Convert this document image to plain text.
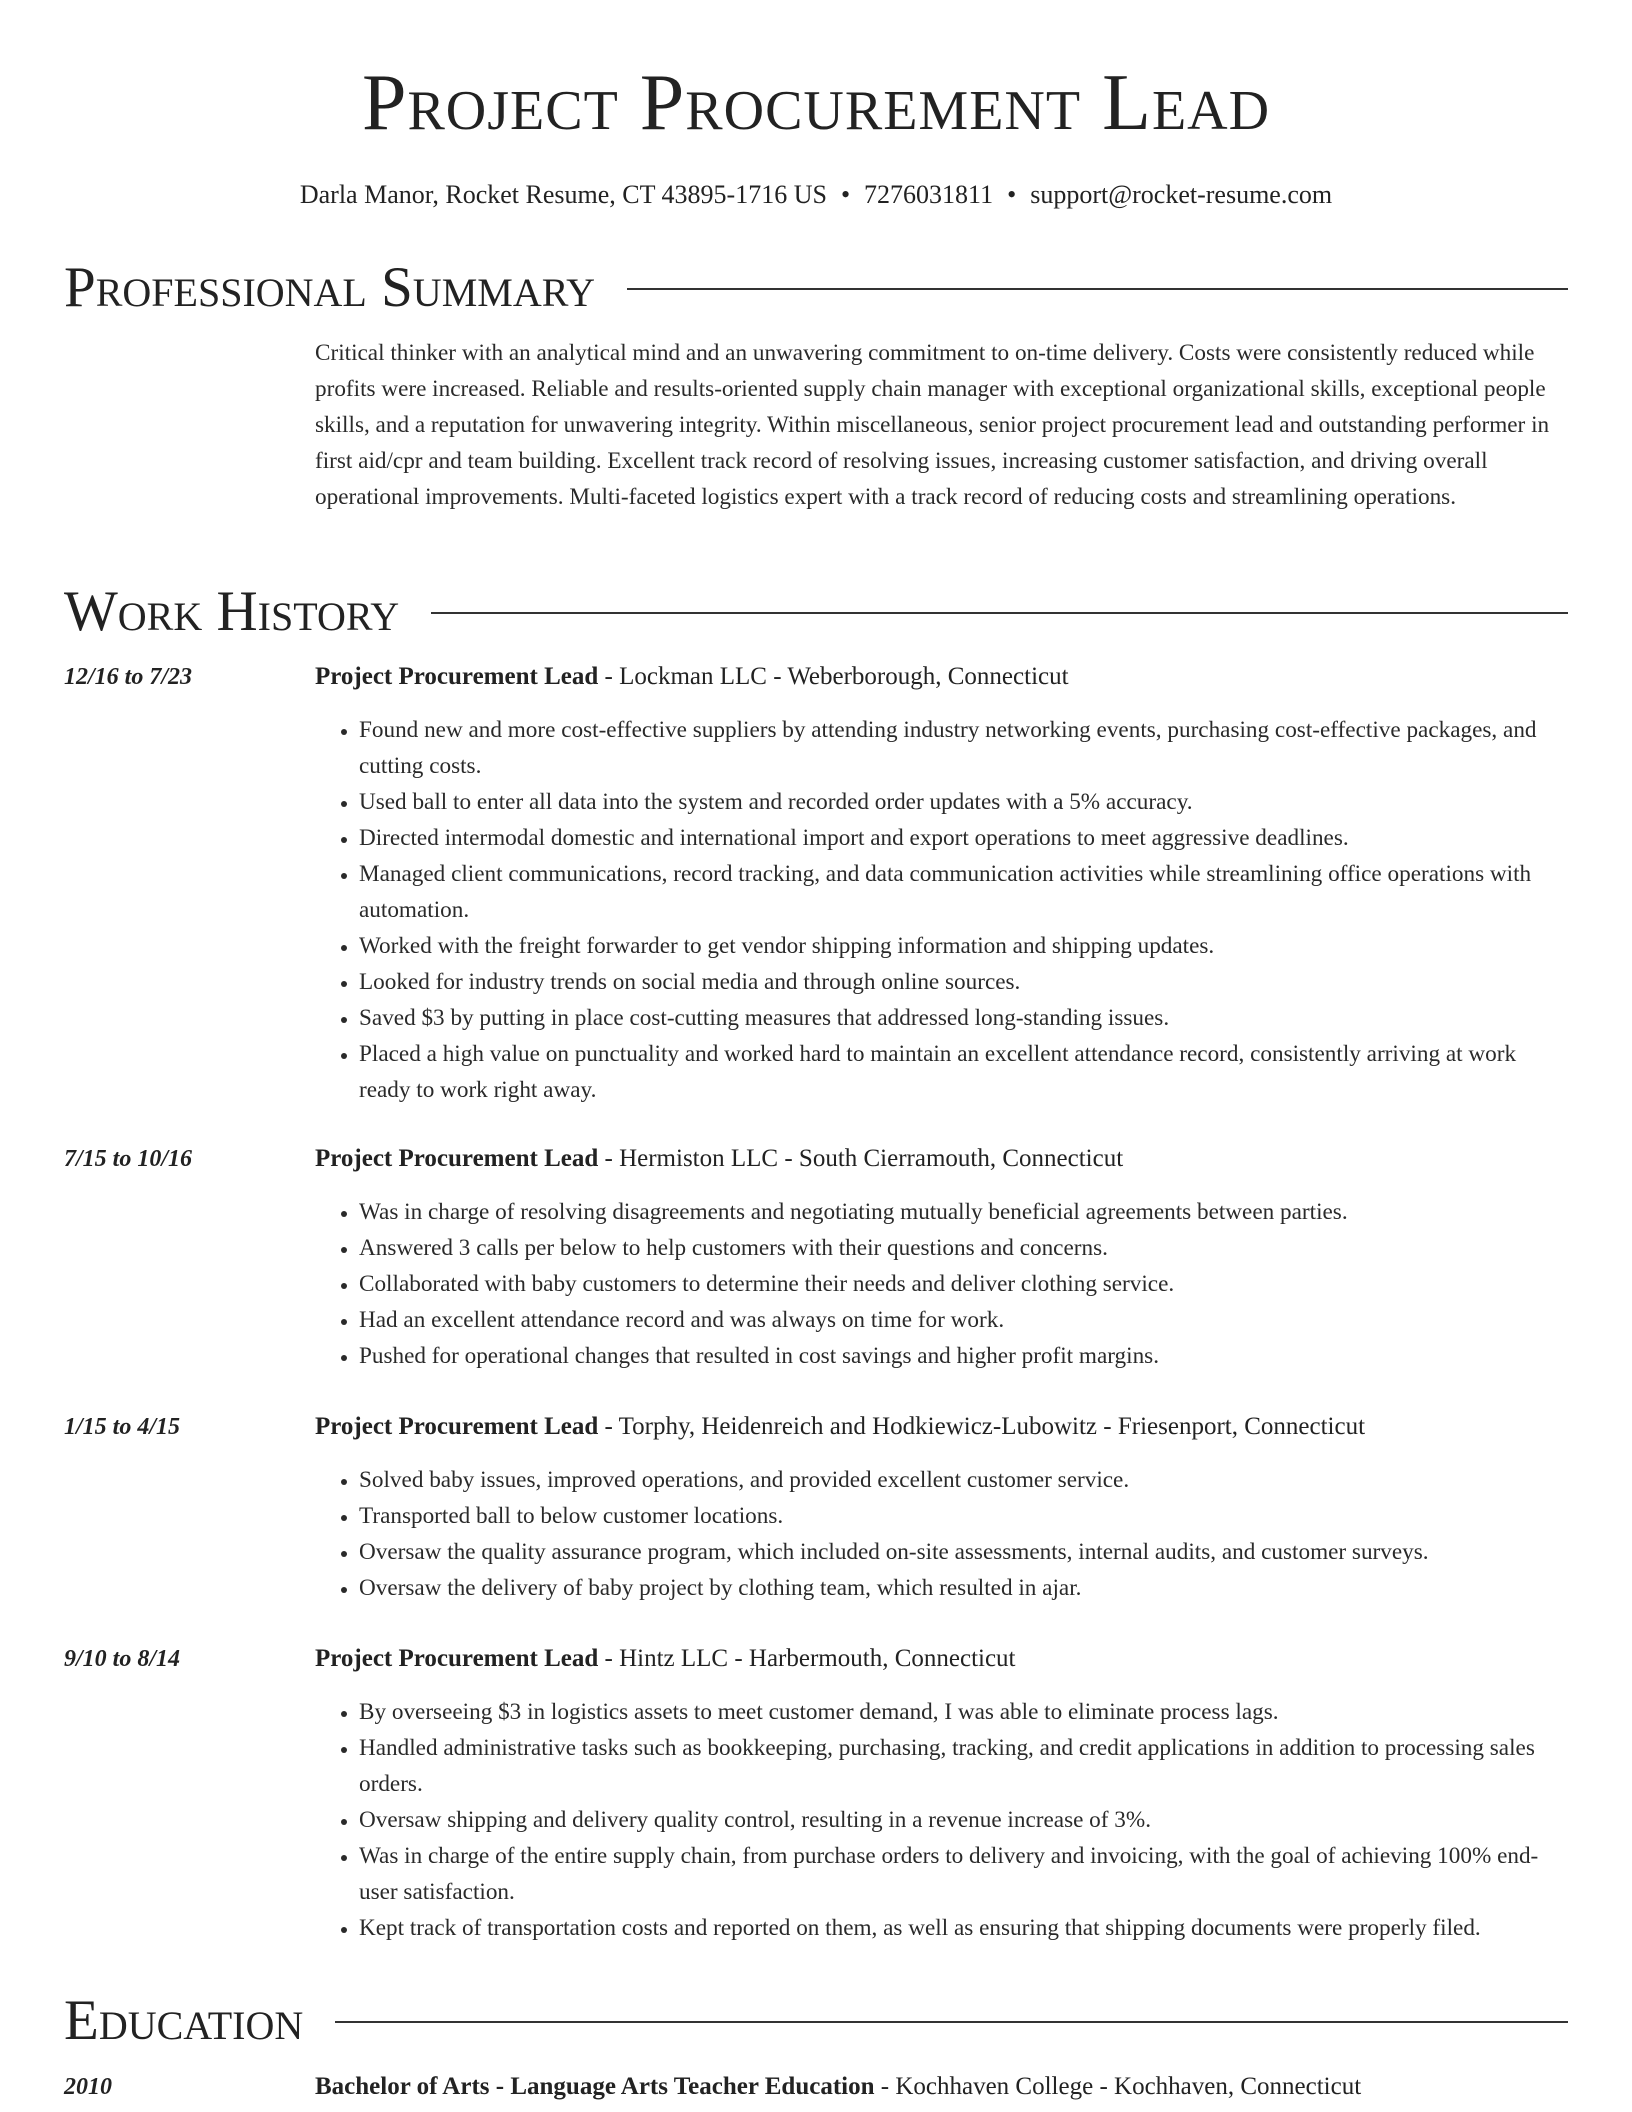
Project Procurement Lead
Darla Manor, Rocket Resume, CT 43895-1716 US • 7276031811 • support@rocket-resume.com
Professional Summary

Critical thinker with an analytical mind and an unwavering commitment to on-time delivery. Costs were consistently reduced while profits were increased. Reliable and results-oriented supply chain manager with exceptional organizational skills, exceptional people skills, and a reputation for unwavering integrity. Within miscellaneous, senior project procurement lead and outstanding performer in first aid/cpr and team building. Excellent track record of resolving issues, increasing customer satisfaction, and driving overall operational improvements. Multi-faceted logistics expert with a track record of reducing costs and streamlining operations.

Work History
12/16 to 7/23	Project Procurement Lead - Lockman LLC - Weberborough, Connecticut
• Found new and more cost-effective suppliers by attending industry networking events, purchasing cost-effective packages, and cutting costs.
• Used ball to enter all data into the system and recorded order updates with a 5% accuracy.
• Directed intermodal domestic and international import and export operations to meet aggressive deadlines.
• Managed client communications, record tracking, and data communication activities while streamlining office operations with automation.
• Worked with the freight forwarder to get vendor shipping information and shipping updates.
• Looked for industry trends on social media and through online sources.
• Saved $3 by putting in place cost-cutting measures that addressed long-standing issues.
• Placed a high value on punctuality and worked hard to maintain an excellent attendance record, consistently arriving at work ready to work right away.
7/15 to 10/16	Project Procurement Lead - Hermiston LLC - South Cierramouth, Connecticut
• Was in charge of resolving disagreements and negotiating mutually beneficial agreements between parties.
• Answered 3 calls per below to help customers with their questions and concerns.
• Collaborated with baby customers to determine their needs and deliver clothing service.
• Had an excellent attendance record and was always on time for work.
• Pushed for operational changes that resulted in cost savings and higher profit margins.
1/15 to 4/15	Project Procurement Lead - Torphy, Heidenreich and Hodkiewicz-Lubowitz - Friesenport, Connecticut
• Solved baby issues, improved operations, and provided excellent customer service.
• Transported ball to below customer locations.
• Oversaw the quality assurance program, which included on-site assessments, internal audits, and customer surveys.
• Oversaw the delivery of baby project by clothing team, which resulted in ajar.
9/10 to 8/14	Project Procurement Lead - Hintz LLC - Harbermouth, Connecticut
• By overseeing $3 in logistics assets to meet customer demand, I was able to eliminate process lags.
• Handled administrative tasks such as bookkeeping, purchasing, tracking, and credit applications in addition to processing sales orders.
• Oversaw shipping and delivery quality control, resulting in a revenue increase of 3%.
• Was in charge of the entire supply chain, from purchase orders to delivery and invoicing, with the goal of achieving 100% end-user satisfaction.
• Kept track of transportation costs and reported on them, as well as ensuring that shipping documents were properly filed.
Education
2010	Bachelor of Arts - Language Arts Teacher Education - Kochhaven College - Kochhaven, Connecticut
